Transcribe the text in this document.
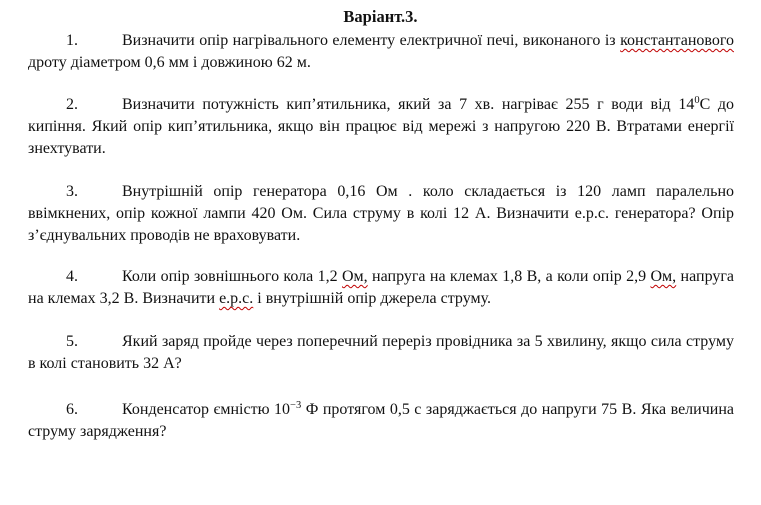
Варіант.3.

1.	Визначити опір нагрівального елементу електричної печі, виконаного із константанового дроту діаметром 0,6 мм і довжиною 62 м.

2.	Визначити потужність кип’ятильника, який за 7 хв. нагріває 255 г води від $14^0С$ до кипіння. Який опір кип’ятильника, якщо він працює від мережі з напругою 220 В. Втратами енергії знехтувати.

3.	Внутрішній опір генератора 0,16 Ом . коло складається із 120 ламп паралельно ввімкнених, опір кожної лампи 420 Ом. Сила струму в колі 12 А. Визначити е.р.с. генератора? Опір з’єднувальних проводів не враховувати.

4.	Коли опір зовнішнього кола 1,2 Ом, напруга на клемах 1,8 В, а коли опір 2,9 Ом, напруга на клемах 3,2 В. Визначити е.р.с. і внутрішній опір джерела струму.

5.	Який заряд пройде через поперечний переріз провідника за 5 хвилину, якщо сила струму в колі становить 32 А?

6.	Конденсатор ємністю $10^{-3}$ Ф протягом 0,5 с заряджається до напруги 75 В. Яка величина струму зарядження?
